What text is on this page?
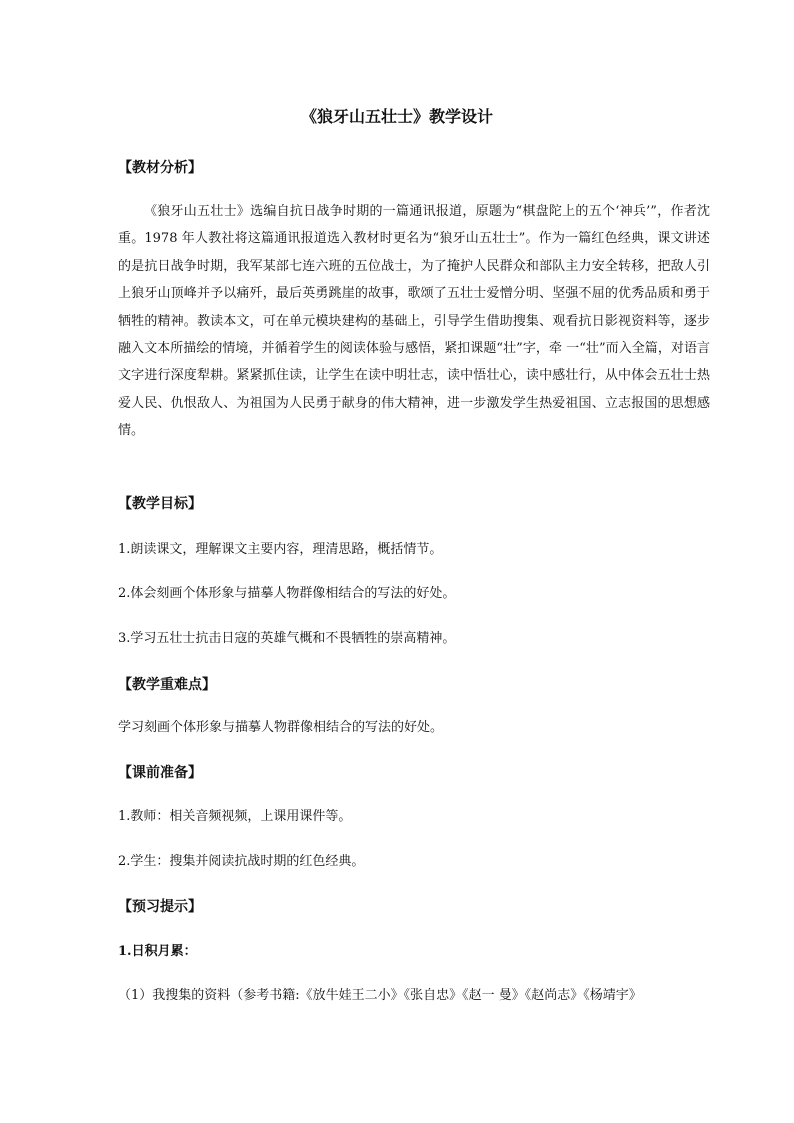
《狼牙山五壮士》教学设计
【教材分析】

《狼牙山五壮士》选编自抗日战争时期的一篇通讯报道，原题为“棋盘陀上的五个‘神兵’”，作者沈重。1978 年人教社将这篇通讯报道选入教材时更名为“狼牙山五壮士”。作为一篇红色经典，课文讲述的是抗日战争时期，我军某部七连六班的五位战士，为了掩护人民群众和部队主力安全转移，把敌人引上狼牙山顶峰并予以痛歼，最后英勇跳崖的故事，歌颂了五壮士爱憎分明、坚强不屈的优秀品质和勇于牺牲的精神。教读本文，可在单元模块建构的基础上，引导学生借助搜集、观看抗日影视资料等，逐步融入文本所描绘的情境，并循着学生的阅读体验与感悟，紧扣课题“壮”字，牵 一“壮”而入全篇，对语言文字进行深度犁耕。紧紧抓住读，让学生在读中明壮志，读中悟壮心，读中感壮行，从中体会五壮士热爱人民、仇恨敌人、为祖国为人民勇于献身的伟大精神，进一步激发学生热爱祖国、立志报国的思想感情。

【教学目标】
1.朗读课文，理解课文主要内容，理清思路，概括情节。
2.体会刻画个体形象与描摹人物群像相结合的写法的好处。
3.学习五壮士抗击日寇的英雄气概和不畏牺牲的崇高精神。
【教学重难点】
学习刻画个体形象与描摹人物群像相结合的写法的好处。
【课前准备】
1.教师：相关音频视频，上课用课件等。
2.学生：搜集并阅读抗战时期的红色经典。
【预习提示】
1.日积月累：
（1）我搜集的资料（参考书籍:《放牛娃王二小》《张自忠》《赵一 曼》《赵尚志》《杨靖宇》
